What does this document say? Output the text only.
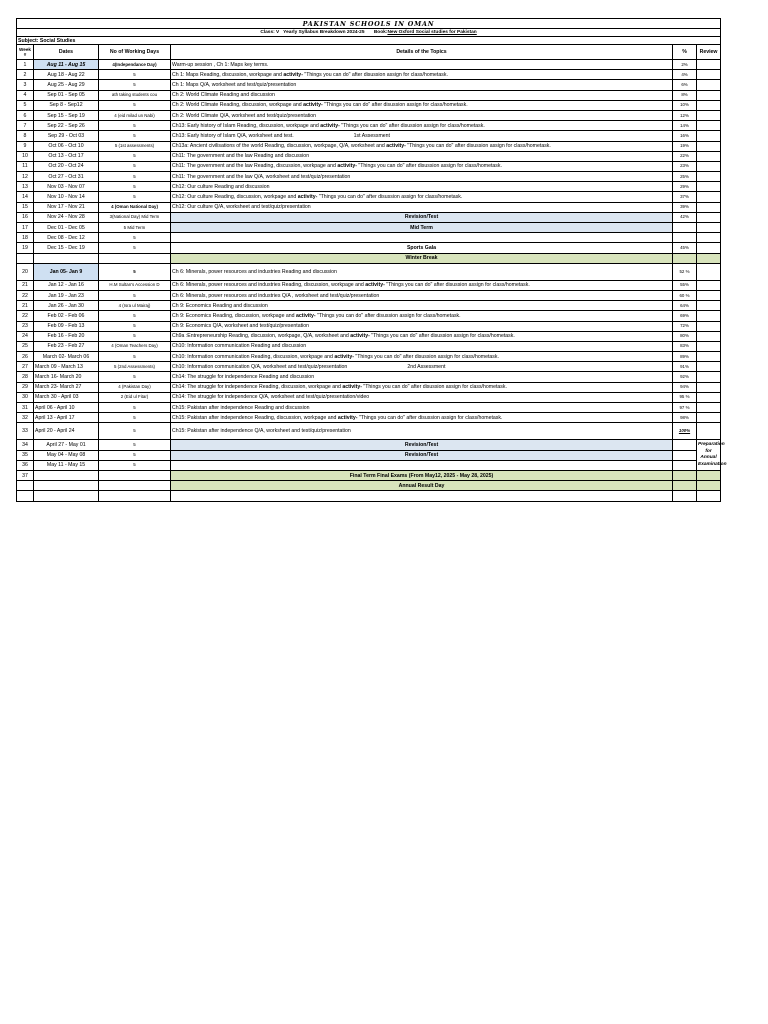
PAKISTAN SCHOOLS IN OMAN					
Class: V Yearly Syllabus Breakdown 2024-25 Book:New Oxford Social studies for Pakistan					
Subject: Social Studies					
Week #	Dates	No of Working Days	Details of the Topics	%	Review
1	Aug 11 - Aug 15	4(Independance Day)	Warm-up session , Ch 1: Maps key terms.	2%	
2	Aug 18 - Aug 22	5	Ch 1: Maps Reading, discussion, workpage and activity- "Things you can do" after disussion assign for class/hometask.	4%	
3	Aug 25 - Aug 29	5	Ch 1: Maps Q/A, worksheet and test/quiz/presentation	6%	
4	Sep 01 - Sep 05	ath taking students cou	Ch 2: World Climate Reading and discussion	8%	
5	Sep 8 - Sep12	5	Ch 2: World Climate Reading, discussion, workpage and activity- "Things you can do" after disussion assign for class/hometask.	10%	
6	Sep 15 - Sep 19	4 (eid milad un Nabi)	Ch 2: World Climate Q/A, worksheet and test/quiz/presentation	12%	
7	Sep 22 - Sep 26	5	Ch13: Early history of Islam Reading, discussion, workpage and activity- "Things you can do" after disussion assign for class/hometask.	14%	
8	Sep 29 - Oct 03	5	Ch13: Early history of Islam Q/A, worksheet and test. 1st Assessment	16%	
9	Oct 06 - Oct 10	5 (1st assessments)	Ch13a: Ancient civilisations of the world Reading, discussion, workpage, Q/A, worksheet and activity- "Things you can do" after disussion assign for class/hometask.	19%	
10	Oct 13 - Oct 17	5	Ch11: The government and the law Reading and discussion	22%	
11	Oct 20 - Oct 24	5	Ch11: The government and the law Reading, discussion, workpage and activity- "Things you can do" after disussion assign for class/hometask.	23%	
12	Oct 27 - Oct 31	5	Ch11: The government and the law Q/A, worksheet and test/quiz/presentation	25%	
13	Nov 03 - Nov 07	5	Ch12: Our culture Reading and discussion	29%	
14	Nov 10 - Nov 14	5	Ch12: Our culture Reading, discussion, workpage and activity- "Things you can do" after disussion assign for class/hometask.	37%	
15	Nov 17 - Nov 21	4 (Oman National Day)	Ch12: Our culture Q/A, worksheet and test/quiz/presentation	39%	
16	Nov 24 - Nov 28	3(National Day) Mid Term	Revision/Test	42%	
17	Dec 01 - Dec 05	5 Mid Term	Mid Term		
18	Dec 08 - Dec 12	5			
19	Dec 15 - Dec 19	5	Sports Gala	45%	
			Winter Break		
20	Jan 05- Jan 9	5	Ch 6: Minerals, power resources and industries Reading and discussion	52 %	
21	Jan 12 - Jan 16	H.M Sultan's Accession D	Ch 6: Minerals, power resources and industries Reading, discussion, workpage and activity- "Things you can do" after disussion assign for class/hometask.	55%	
22	Jan 19 - Jan 23	5	Ch 6: Minerals, power resources and industries Q/A , worksheet and test/quiz/presentation	60 %	
21	Jan 26 - Jan 30	4 (Isra ul Mairaj)	Ch 9: Economics Reading and discussion	64%	
22	Feb 02 - Feb 06	5	Ch 9: Economics Reading, discussion, workpage and activity- "Things you can do" after disussion assign for class/hometask.	69%	
23	Feb 09 - Feb 13	5	Ch 9: Economics Q/A, worksheet and test/quiz/presentation	72%	
24	Feb 16 - Feb 20	5	Ch9a :Entrepreneurship Reading, discussion, workpage, Q/A, worksheet and activity- "Things you can do" after disussion assign for class/hometask.	80%	
25	Feb 23 - Feb 27	4 (Oman Teachers Day)	Ch10: Information communication Reading and discussion	83%	
26	March 02- March 06	5	Ch10: Information communication Reading, discussion, workpage and activity- "Things you can do" after disussion assign for class/hometask.	89%	
27	March 09 - March 13	5 (2nd Assessments)	Ch10: Information communication Q/A, worksheet and test/quiz/presentation 2nd Assessment	91%	
28	March 16- March 20	5	Ch14: The struggle for independence Reading and discussion	92%	
29	March 23- March 27	4 (Pakistan Day)	Ch14: The struggle for independence Reading, discussion, workpage and activity- "Things you can do" after disussion assign for class/hometask.	94%	
30	March 30 - April 03	2 (Eid ul Fitar)	Ch14: The struggle for independence Q/A, worksheet and test/quiz/presentation/video	95 %	
31	April 06 - April 10	5	Ch15: Pakistan after independence Reading and discussion	97 %	
32	April 13 - April 17	5	Ch15: Pakistan after independence Reading, discussion, workpage and activity- "Things you can do" after disussion assign for class/hometask.	98%	
33	April 20 - April 24	5	Ch15: Pakistan after independence Q/A, worksheet and test/quiz/presentation	100%	
34	April 27 - May 01	5	Revision/Test		Preparation for Annual Examination
35	May 04 - May 08	5	Revision/Test		
36	May 11 - May 15	5			
37			Final Term Final Exams (From May12, 2025 - May 28, 2025)		
			Annual Result Day		
